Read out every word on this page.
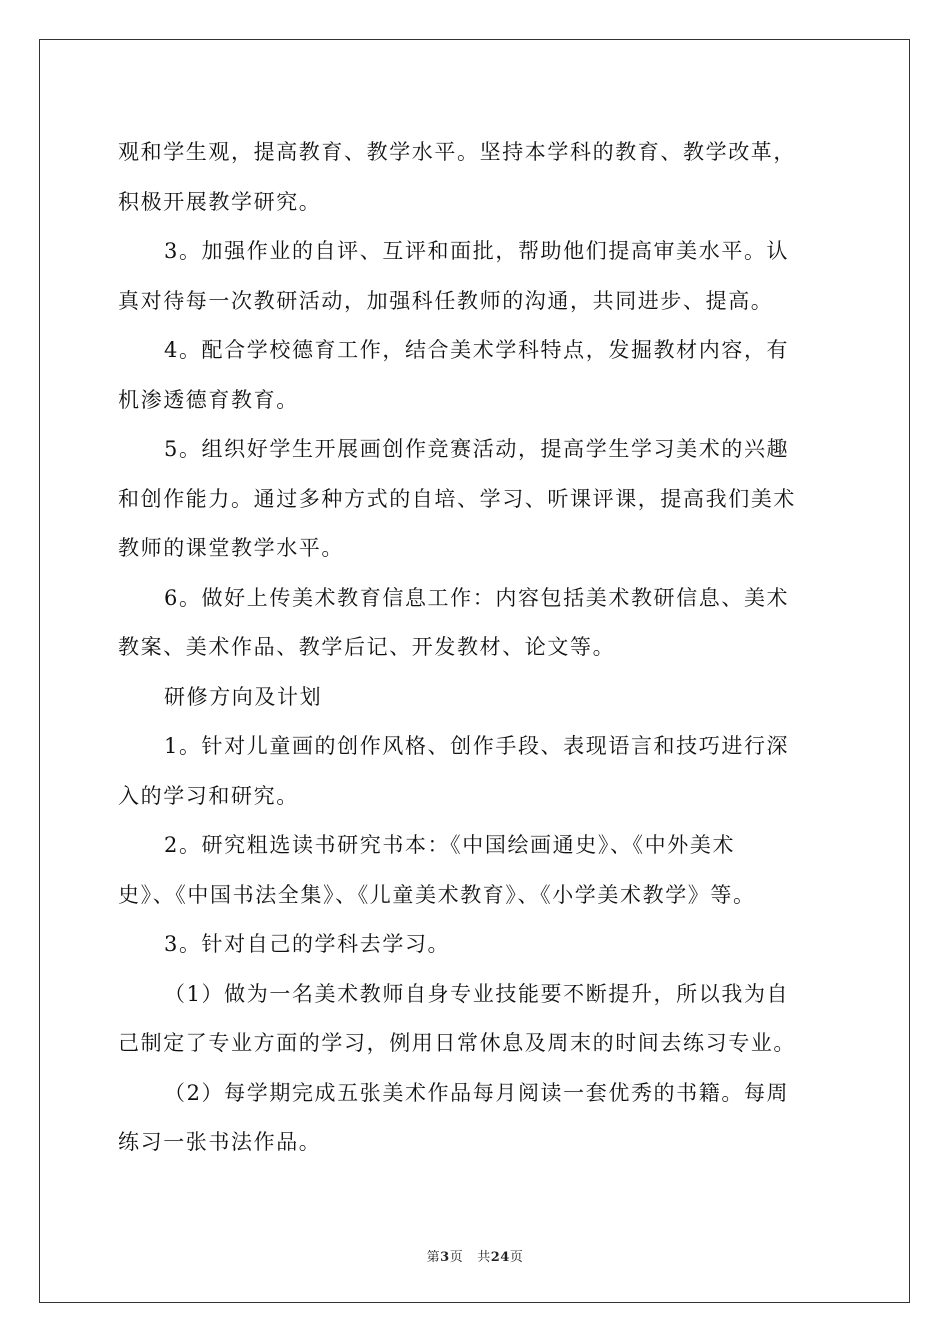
观和学生观，提高教育、教学水平。坚持本学科的教育、教学改革，
积极开展教学研究。
3。加强作业的自评、互评和面批，帮助他们提高审美水平。认
真对待每一次教研活动，加强科任教师的沟通，共同进步、提高。
4。配合学校德育工作，结合美术学科特点，发掘教材内容，有
机渗透德育教育。
5。组织好学生开展画创作竞赛活动，提高学生学习美术的兴趣
和创作能力。通过多种方式的自培、学习、听课评课，提高我们美术
教师的课堂教学水平。
6。做好上传美术教育信息工作：内容包括美术教研信息、美术
教案、美术作品、教学后记、开发教材、论文等。
研修方向及计划
1。针对儿童画的创作风格、创作手段、表现语言和技巧进行深
入的学习和研究。
2。研究粗选读书研究书本：《中国绘画通史》、《中外美术
史》、《中国书法全集》、《儿童美术教育》、《小学美术教学》等。
3。针对自己的学科去学习。
（1）做为一名美术教师自身专业技能要不断提升，所以我为自
己制定了专业方面的学习，例用日常休息及周末的时间去练习专业。
（2）每学期完成五张美术作品每月阅读一套优秀的书籍。每周
练习一张书法作品。
第3页 共24页
